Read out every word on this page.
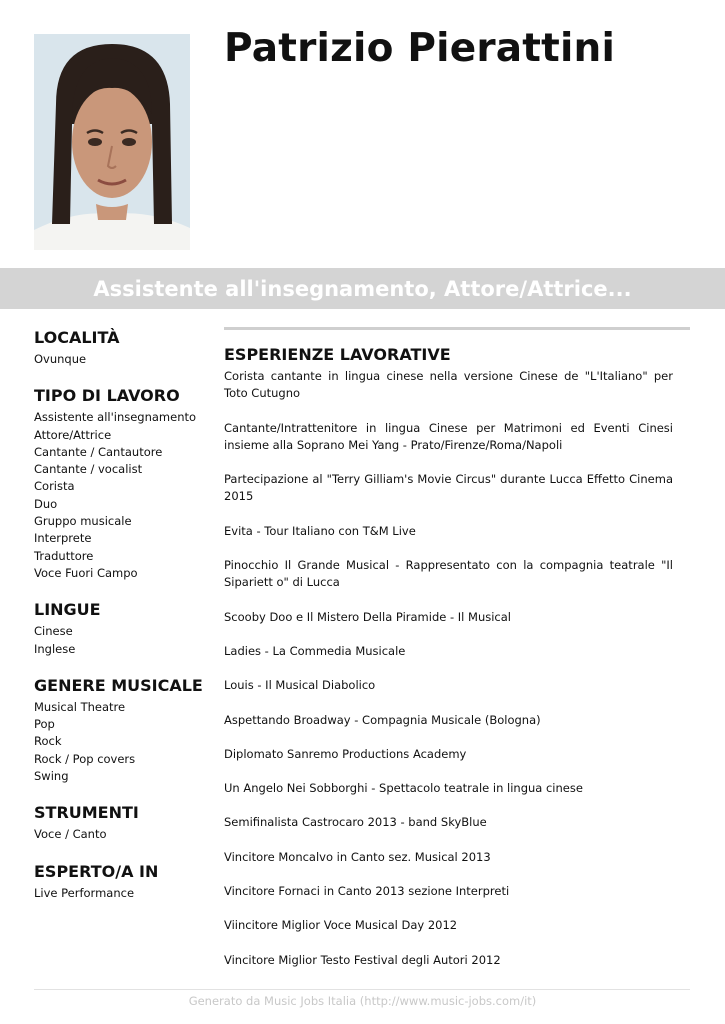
Patrizio Pierattini
Assistente all'insegnamento, Attore/Attrice...
LOCALITÀ
Ovunque
TIPO DI LAVORO
Assistente all'insegnamento
Attore/Attrice
Cantante / Cantautore
Cantante / vocalist
Corista
Duo
Gruppo musicale
Interprete
Traduttore
Voce Fuori Campo
LINGUE
Cinese
Inglese
GENERE MUSICALE
Musical Theatre
Pop
Rock
Rock / Pop covers
Swing
STRUMENTI
Voce / Canto
ESPERTO/A IN
Live Performance
ESPERIENZE LAVORATIVE
Corista cantante in lingua cinese nella versione Cinese de "L'Italiano" per Toto Cutugno
Cantante/Intrattenitore in lingua Cinese per Matrimoni ed Eventi Cinesi insieme alla Soprano Mei Yang - Prato/Firenze/Roma/Napoli
Partecipazione al "Terry Gilliam's Movie Circus" durante Lucca Effetto Cinema 2015
Evita - Tour Italiano con T&M Live
Pinocchio Il Grande Musical - Rappresentato con la compagnia teatrale "Il Sipariett o" di Lucca
Scooby Doo e Il Mistero Della Piramide - Il Musical
Ladies - La Commedia Musicale
Louis - Il Musical Diabolico
Aspettando Broadway - Compagnia Musicale (Bologna)
Diplomato Sanremo Productions Academy
Un Angelo Nei Sobborghi - Spettacolo teatrale in lingua cinese
Semifinalista Castrocaro 2013 - band SkyBlue
Vincitore Moncalvo in Canto sez. Musical 2013
Vincitore Fornaci in Canto 2013 sezione Interpreti
Viincitore Miglior Voce Musical Day 2012
Vincitore Miglior Testo Festival degli Autori 2012
Generato da Music Jobs Italia (http://www.music-jobs.com/it)
